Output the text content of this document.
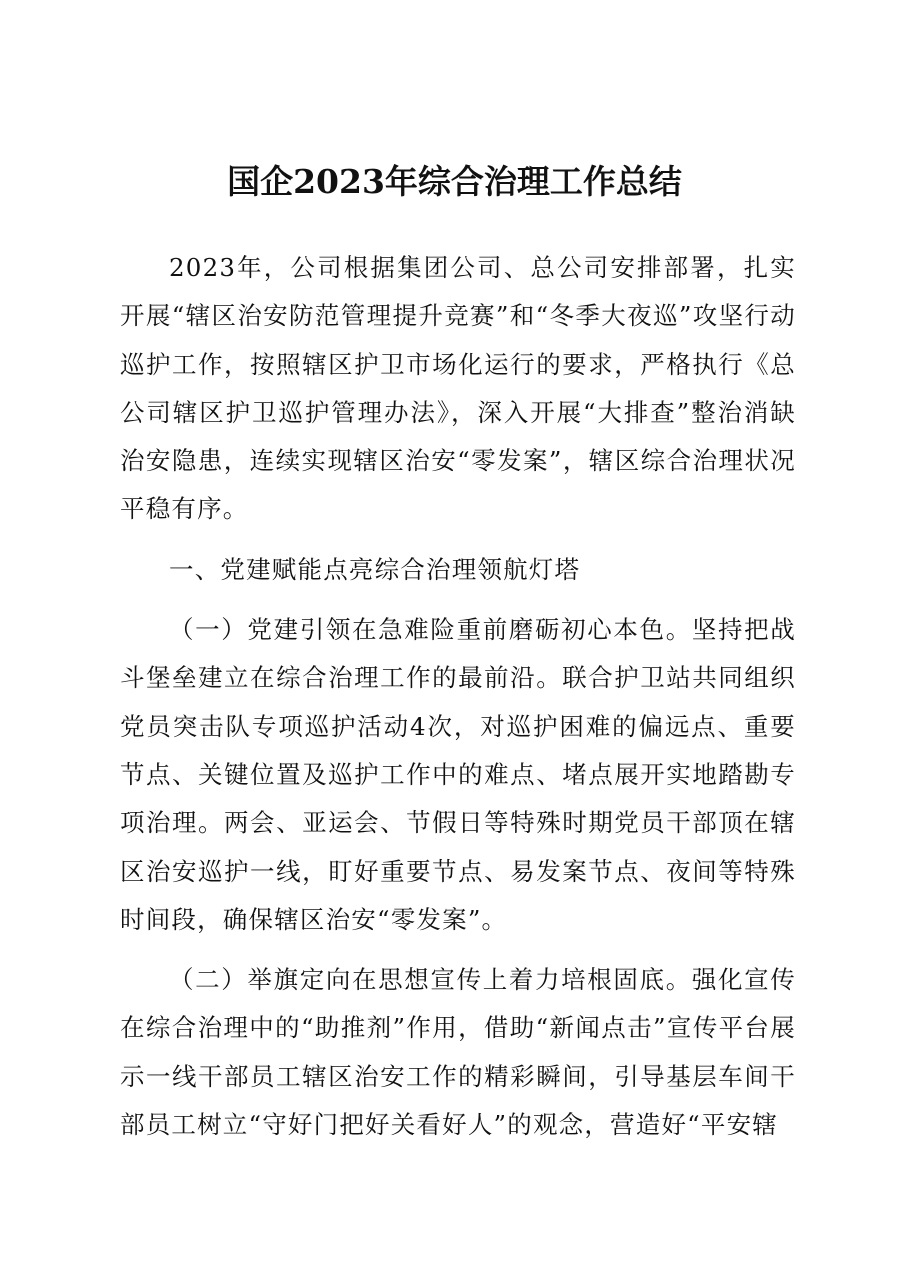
国企2023年综合治理工作总结

2023年，公司根据集团公司、总公司安排部署，扎实开展“辖区治安防范管理提升竞赛”和“冬季大夜巡”攻坚行动巡护工作，按照辖区护卫市场化运行的要求，严格执行《总公司辖区护卫巡护管理办法》，深入开展“大排查”整治消缺治安隐患，连续实现辖区治安“零发案”，辖区综合治理状况平稳有序。

一、党建赋能点亮综合治理领航灯塔

（一）党建引领在急难险重前磨砺初心本色。坚持把战斗堡垒建立在综合治理工作的最前沿。联合护卫站共同组织党员突击队专项巡护活动4次，对巡护困难的偏远点、重要节点、关键位置及巡护工作中的难点、堵点展开实地踏勘专项治理。两会、亚运会、节假日等特殊时期党员干部顶在辖区治安巡护一线，盯好重要节点、易发案节点、夜间等特殊时间段，确保辖区治安“零发案”。

（二）举旗定向在思想宣传上着力培根固底。强化宣传在综合治理中的“助推剂”作用，借助“新闻点击”宣传平台展示一线干部员工辖区治安工作的精彩瞬间，引导基层车间干部员工树立“守好门把好关看好人”的观念，营造好“平安辖
